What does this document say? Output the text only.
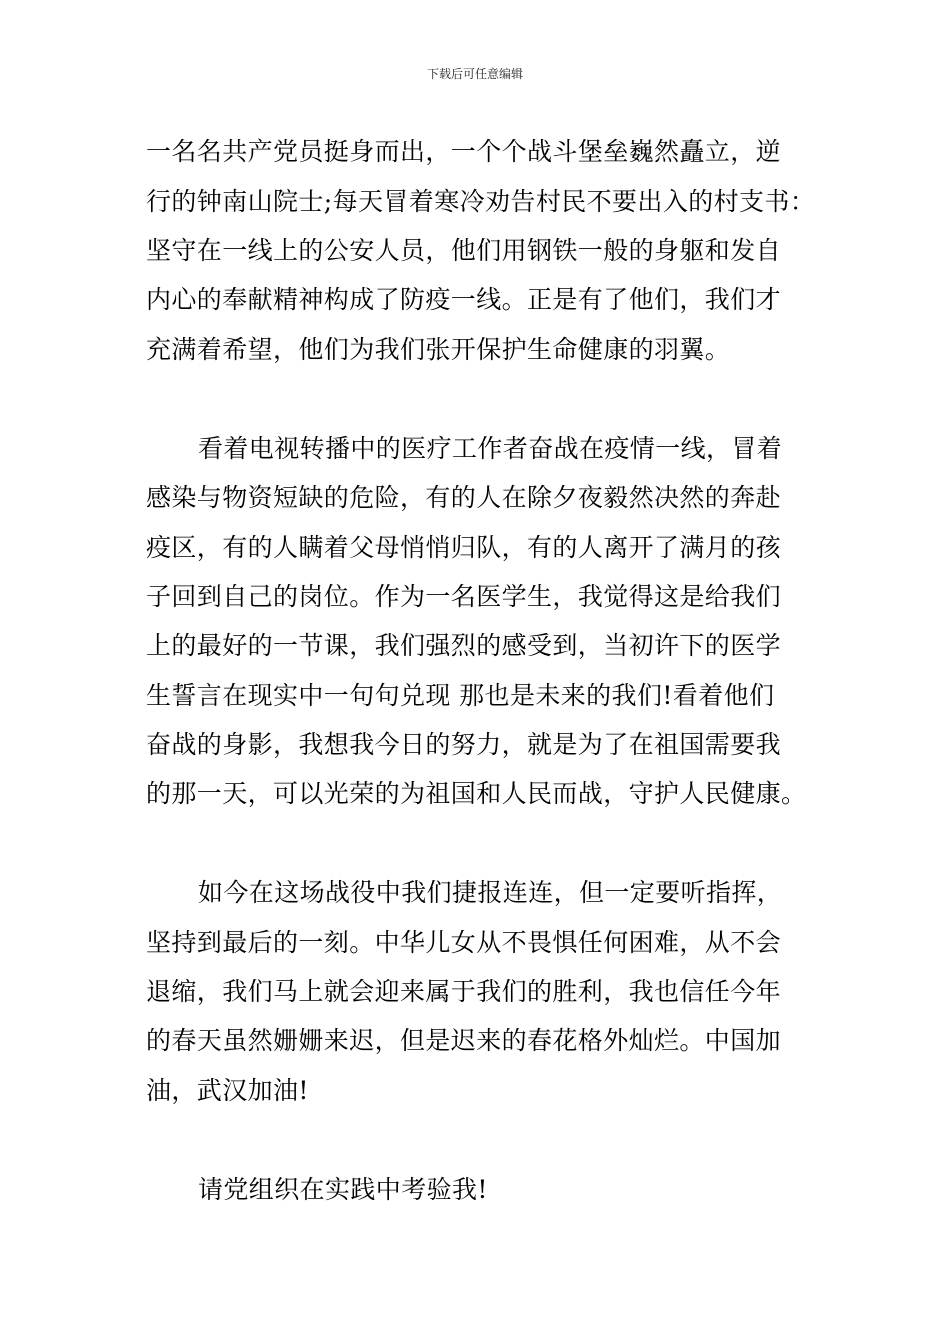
下载后可任意编辑
一名名共产党员挺身而出，一个个战斗堡垒巍然矗立，逆
行的钟南山院士;每天冒着寒冷劝告村民不要出入的村支书：
坚守在一线上的公安人员，他们用钢铁一般的身躯和发自
内心的奉献精神构成了防疫一线。正是有了他们，我们才
充满着希望，他们为我们张开保护生命健康的羽翼。
看着电视转播中的医疗工作者奋战在疫情一线，冒着
感染与物资短缺的危险，有的人在除夕夜毅然决然的奔赴
疫区，有的人瞒着父母悄悄归队，有的人离开了满月的孩
子回到自己的岗位。作为一名医学生，我觉得这是给我们
上的最好的一节课，我们强烈的感受到，当初许下的医学
生誓言在现实中一句句兑现 那也是未来的我们!看着他们
奋战的身影，我想我今日的努力，就是为了在祖国需要我
的那一天，可以光荣的为祖国和人民而战，守护人民健康。
如今在这场战役中我们捷报连连，但一定要听指挥，
坚持到最后的一刻。中华儿女从不畏惧任何困难，从不会
退缩，我们马上就会迎来属于我们的胜利，我也信任今年
的春天虽然姗姗来迟，但是迟来的春花格外灿烂。中国加
油，武汉加油!
请党组织在实践中考验我!
